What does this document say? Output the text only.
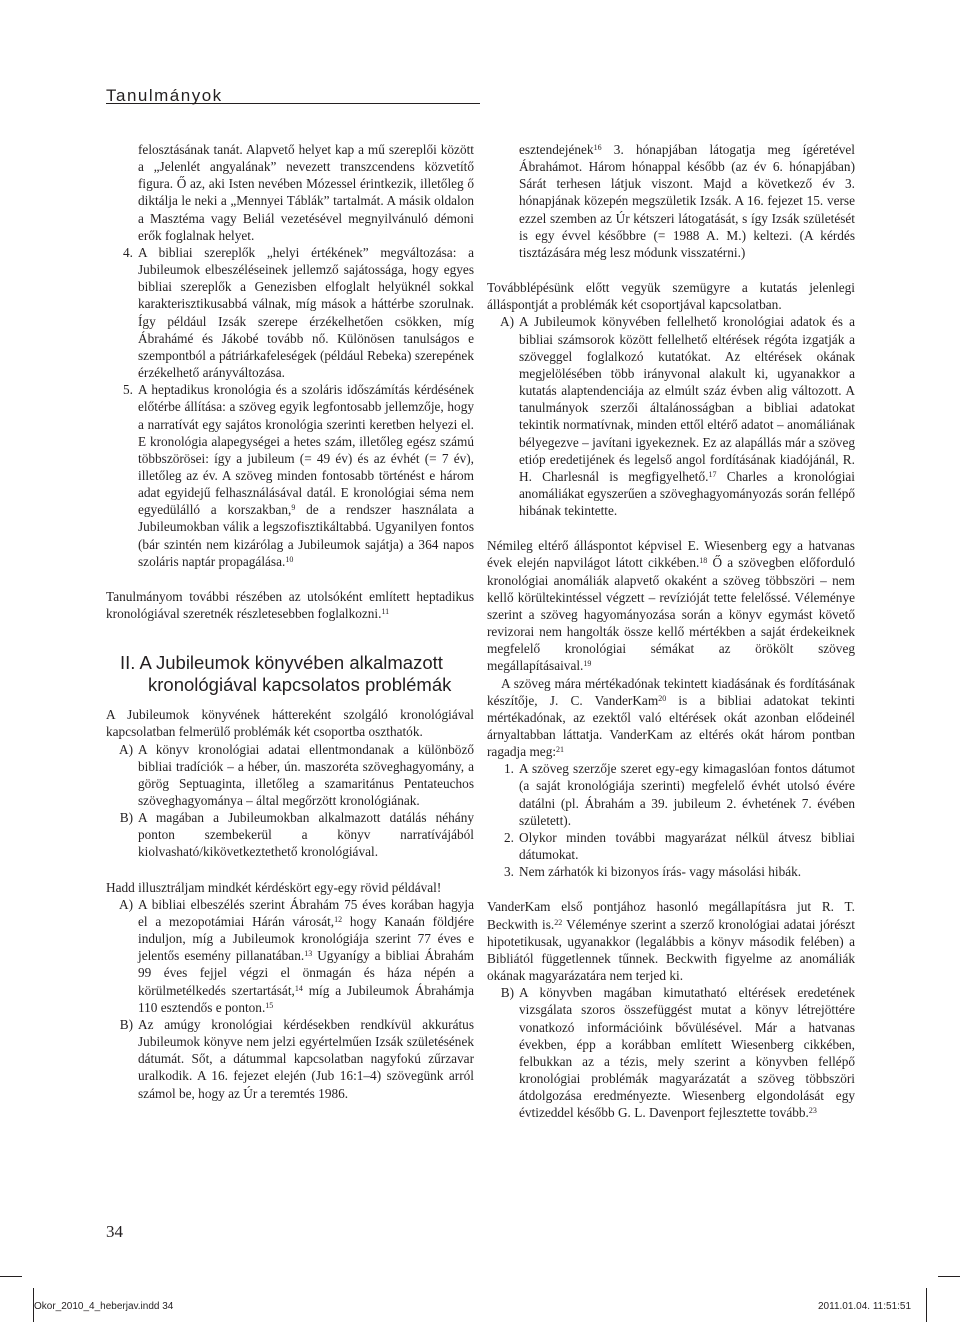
Tanulmányok

felosztásának tanát. Alapvető helyet kap a mű szereplői között a „Jelenlét angyalának” nevezett transzcendens közvetítő figura. Ő az, aki Isten nevében Mózessel érintkezik, illetőleg ő diktálja le neki a „Mennyei Táblák” tartalmát. A másik oldalon a Masztéma vagy Beliál vezetésével megnyilvánuló démoni erők foglalnak helyet.

4. A bibliai szereplők „helyi értékének” megváltozása: a Jubileumok elbeszéléseinek jellemző sajátossága, hogy egyes bibliai szereplők a Genezisben elfoglalt helyüknél sokkal karakterisztikusabbá válnak, míg mások a háttérbe szorulnak. Így például Izsák szerepe érzékelhetően csökken, míg Ábrahámé és Jákobé tovább nő. Különösen tanulságos e szempontból a pátriárkafeleségek (például Rebeka) szerepének érzékelhető arányváltozása.
5. A heptadikus kronológia és a szoláris időszámítás kérdésének előtérbe állítása: a szöveg egyik legfontosabb jellemzője, hogy a narratívát egy sajátos kronológia szerinti keretben helyezi el. E kronológia alapegységei a hetes szám, illetőleg egész számú többszörösei: így a jubileum (= 49 év) és az évhét (= 7 év), illetőleg az év. A szöveg minden fontosabb történést e három adat egyidejű felhasználásával datál. E kronológiai séma nem egyedülálló a korszakban,$^9$ de a rendszer használata a Jubileumokban válik a legszofisztikáltabbá. Ugyanilyen fontos (bár szintén nem kizárólag a Jubileumok sajátja) a 364 napos szoláris naptár propagálása.$^{10}$

Tanulmányom további részében az utolsóként említett heptadikus kronológiával szeretnék részletesebben foglalkozni.$^{11}$

II. A Jubileumok könyvében alkalmazott
kronológiával kapcsolatos problémák

A Jubileumok könyvének háttereként szolgáló kronológiával kapcsolatban felmerülő problémák két csoportba oszthatók.

A) A könyv kronológiai adatai ellentmondanak a különböző bibliai tradíciók – a héber, ún. maszoréta szöveghagyomány, a görög Septuaginta, illetőleg a szamaritánus Pentateuchos szöveghagyománya – által megőrzött kronológiának.
B) A magában a Jubileumokban alkalmazott datálás néhány ponton szembekerül a könyv narratívájából kiolvasható/kikövetkeztethető kronológiával.

Hadd illusztráljam mindkét kérdéskört egy-egy rövid példával!

A) A bibliai elbeszélés szerint Ábrahám 75 éves korában hagyja el a mezopotámiai Hárán városát,$^{12}$ hogy Kanaán földjére induljon, míg a Jubileumok kronológiája szerint 77 éves e jelentős esemény pillanatában.$^{13}$ Ugyanígy a bibliai Ábrahám 99 éves fejjel végzi el önmagán és háza népén a körülmetélkedés szertartását,$^{14}$ míg a Jubileumok Ábrahámja 110 esztendős e ponton.$^{15}$
B) Az amúgy kronológiai kérdésekben rendkívül akkurátus Jubileumok könyve nem jelzi egyértelműen Izsák születésének dátumát. Sőt, a dátummal kapcsolatban nagyfokú zűrzavar uralkodik. A 16. fejezet elején (Jub 16:1–4) szövegünk arról számol be, hogy az Úr a teremtés 1986.

esztendejének$^{16}$ 3. hónapjában látogatja meg ígéretével Ábrahámot. Három hónappal később (az év 6. hónapjában) Sárát terhesen látjuk viszont. Majd a következő év 3. hónapjának közepén megszületik Izsák. A 16. fejezet 15. verse ezzel szemben az Úr kétszeri látogatását, s így Izsák születését is egy évvel későbbre (= 1988 A. M.) keltezi. (A kérdés tisztázására még lesz módunk visszatérni.)

Továbblépésünk előtt vegyük szemügyre a kutatás jelenlegi álláspontját a problémák két csoportjával kapcsolatban.

A) A Jubileumok könyvében fellelhető kronológiai adatok és a bibliai számsorok között fellelhető eltérések régóta izgatják a szöveggel foglalkozó kutatókat. Az eltérések okának megjelölésében több irányvonal alakult ki, ugyanakkor a kutatás alaptendenciája az elmúlt száz évben alig változott. A tanulmányok szerzői általánosságban a bibliai adatokat tekintik normatívnak, minden ettől eltérő adatot – anomáliának bélyegezve – javítani igyekeznek. Ez az alapállás már a szöveg etióp eredetijének és legelső angol fordításának kiadójánál, R. H. Charlesnál is megfigyelhető.$^{17}$ Charles a kronológiai anomáliákat egyszerűen a szöveghagyományozás során fellépő hibának tekintette.

Némileg eltérő álláspontot képvisel E. Wiesenberg egy a hatvanas évek elején napvilágot látott cikkében.$^{18}$ Ő a szövegben előforduló kronológiai anomáliák alapvető okaként a szöveg többszöri – nem kellő körültekintéssel végzett – revízióját tette felelőssé. Véleménye szerint a szöveg hagyományozása során a könyv egymást követő revizorai nem hangolták össze kellő mértékben a saját érdekeiknek megfelelő kronológiai sémákat az örökölt szöveg megállapításaival.$^{19}$

A szöveg mára mértékadónak tekintett kiadásának és fordításának készítője, J. C. VanderKam$^{20}$ is a bibliai adatokat tekinti mértékadónak, az ezektől való eltérések okát azonban elődeinél árnyaltabban láttatja. VanderKam az eltérés okát három pontban ragadja meg:$^{21}$

1. A szöveg szerzője szeret egy-egy kimagaslóan fontos dátumot (a saját kronológiája szerinti) megfelelő évhét utolsó évére datálni (pl. Ábrahám a 39. jubileum 2. évhetének 7. évében született).
2. Olykor minden további magyarázat nélkül átvesz bibliai dátumokat.
3. Nem zárhatók ki bizonyos írás- vagy másolási hibák.

VanderKam első pontjához hasonló megállapításra jut R. T. Beckwith is.$^{22}$ Véleménye szerint a szerző kronológiai adatai jórészt hipotetikusak, ugyanakkor (legalábbis a könyv második felében) a Bibliától függetlennek tűnnek. Beckwith figyelme az anomáliák okának magyarázatára nem terjed ki.

B) A könyvben magában kimutatható eltérések eredetének vizsgálata szoros összefüggést mutat a könyv létrejöttére vonatkozó információink bővülésével. Már a hatvanas években, épp a korábban említett Wiesenberg cikkében, felbukkan az a tézis, mely szerint a könyvben fellépő kronológiai problémák magyarázatát a szöveg többszöri átdolgozása eredményezte. Wiesenberg elgondolását egy évtizeddel később G. L. Davenport fejlesztette tovább.$^{23}$
34
Okor_2010_4_heberjav.indd 34	2011.01.04. 11:51:51
